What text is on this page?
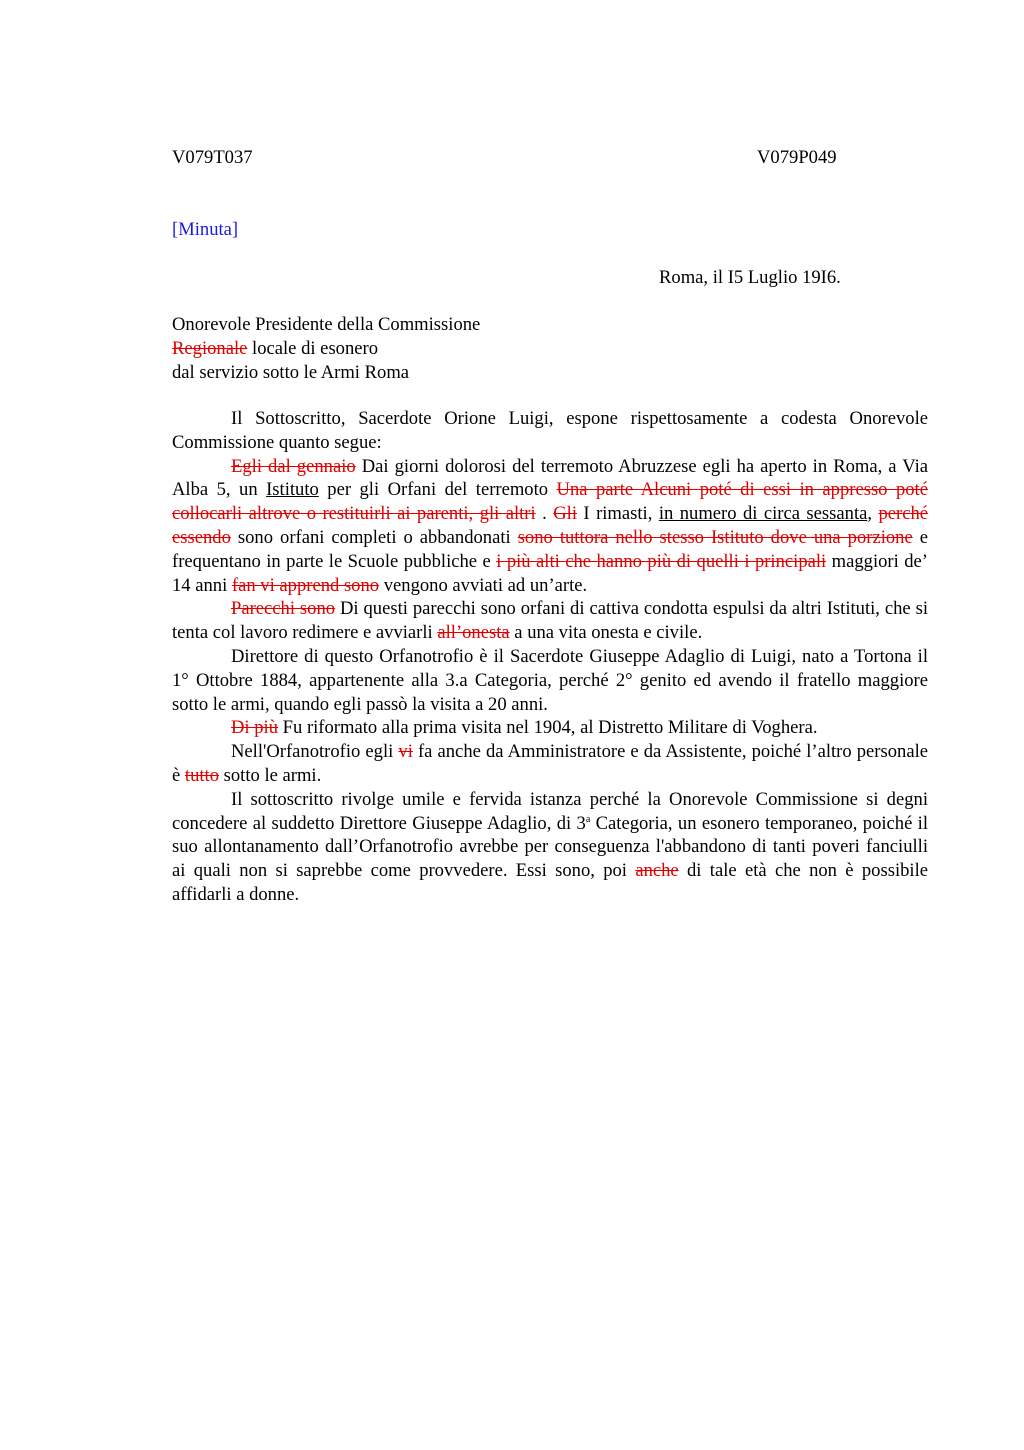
V079T037	V079P049
[Minuta]
Roma, il I5 Luglio 19I6.
Onorevole Presidente della Commissione
Regionale locale di esonero
dal servizio sotto le Armi Roma

Il Sottoscritto, Sacerdote Orione Luigi, espone rispettosamente a codesta Onorevole Commissione quanto segue:

Egli dal gennaio Dai giorni dolorosi del terremoto Abruzzese egli ha aperto in Roma, a Via Alba 5, un Istituto per gli Orfani del terremoto Una parte Alcuni poté di essi in appresso poté collocarli altrove o restituirli ai parenti, gli altri . Gli I rimasti, in numero di circa sessanta, perché essendo sono orfani completi o abbandonati sono tuttora nello stesso Istituto dove una porzione e frequentano in parte le Scuole pubbliche e i più alti che hanno più di quelli i principali maggiori de’ 14 anni fan vi apprend sono vengono avviati ad un’arte.

Parecchi sono Di questi parecchi sono orfani di cattiva condotta espulsi da altri Istituti, che si tenta col lavoro redimere e avviarli all’onesta a una vita onesta e civile.

Direttore di questo Orfanotrofio è il Sacerdote Giuseppe Adaglio di Luigi, nato a Tortona il 1° Ottobre 1884, appartenente alla 3.a Categoria, perché 2° genito ed avendo il fratello maggiore sotto le armi, quando egli passò la visita a 20 anni.

Di più Fu riformato alla prima visita nel 1904, al Distretto Militare di Voghera.

Nell'Orfanotrofio egli vi fa anche da Amministratore e da Assistente, poiché l’altro personale è tutto sotto le armi.

Il sottoscritto rivolge umile e fervida istanza perché la Onorevole Commissione si degni concedere al suddetto Direttore Giuseppe Adaglio, di 3$^a$ Categoria, un esonero temporaneo, poiché il suo allontanamento dall’Orfanotrofio avrebbe per conseguenza l'abbandono di tanti poveri fanciulli ai quali non si saprebbe come provvedere. Essi sono, poi anche di tale età che non è possibile affidarli a donne.
